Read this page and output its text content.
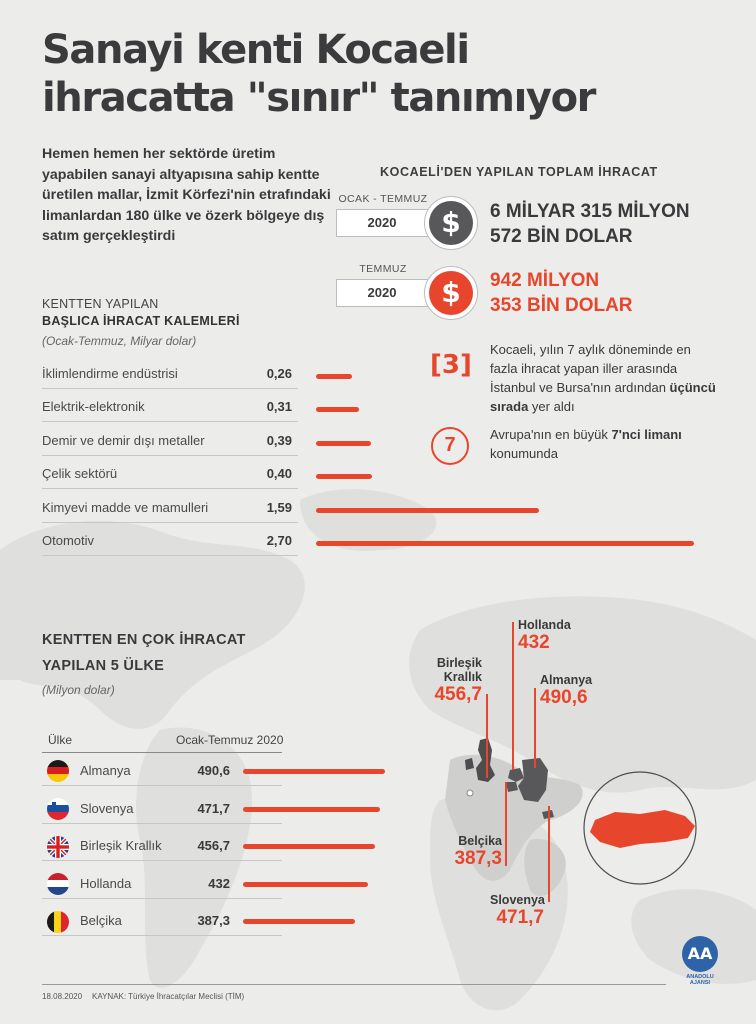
Sanayi kenti Kocaeli
ihracatta "sınır" tanımıyor
Hemen hemen her sektörde üretim yapabilen sanayi altyapısına sahip kentte üretilen mallar, İzmit Körfezi'nin etrafındaki limanlardan 180 ülke ve özerk bölgeye dış satım gerçekleştirdi
KOCAELİ'DEN YAPILAN TOPLAM İHRACAT
OCAK - TEMMUZ
2020	$	6 MİLYAR 315 MİLYON
572 BİN DOLAR
TEMMUZ
2020	$	942 MİLYON
353 BİN DOLAR
[3]
Kocaeli, yılın 7 aylık döneminde en fazla ihracat yapan iller arasında İstanbul ve Bursa'nın ardından üçüncü sırada yer aldı
7	Avrupa'nın en büyük 7'nci limanı konumunda
KENTTEN YAPILAN
BAŞLICA İHRACAT KALEMLERİ
(Ocak-Temmuz, Milyar dolar)
İklimlendirme endüstrisi	0,26
Elektrik-elektronik	0,31
Demir ve demir dışı metaller	0,39
Çelik sektörü	0,40
Kimyevi madde ve mamulleri	1,59
Otomotiv	2,70
KENTTEN EN ÇOK İHRACAT
YAPILAN 5 ÜLKE
(Milyon dolar)
Ülke	Ocak-Temmuz 2020
Almanya	490,6
Slovenya	471,7
Birleşik Krallık	456,7
Hollanda	432
Belçika	387,3
Hollanda
432
Birleşik Krallık
456,7
Almanya
490,6
Belçika
387,3
Slovenya
471,7
18.08.2020 KAYNAK: Türkiye İhracatçılar Meclisi (TİM)
AA
ANADOLU AJANSI
